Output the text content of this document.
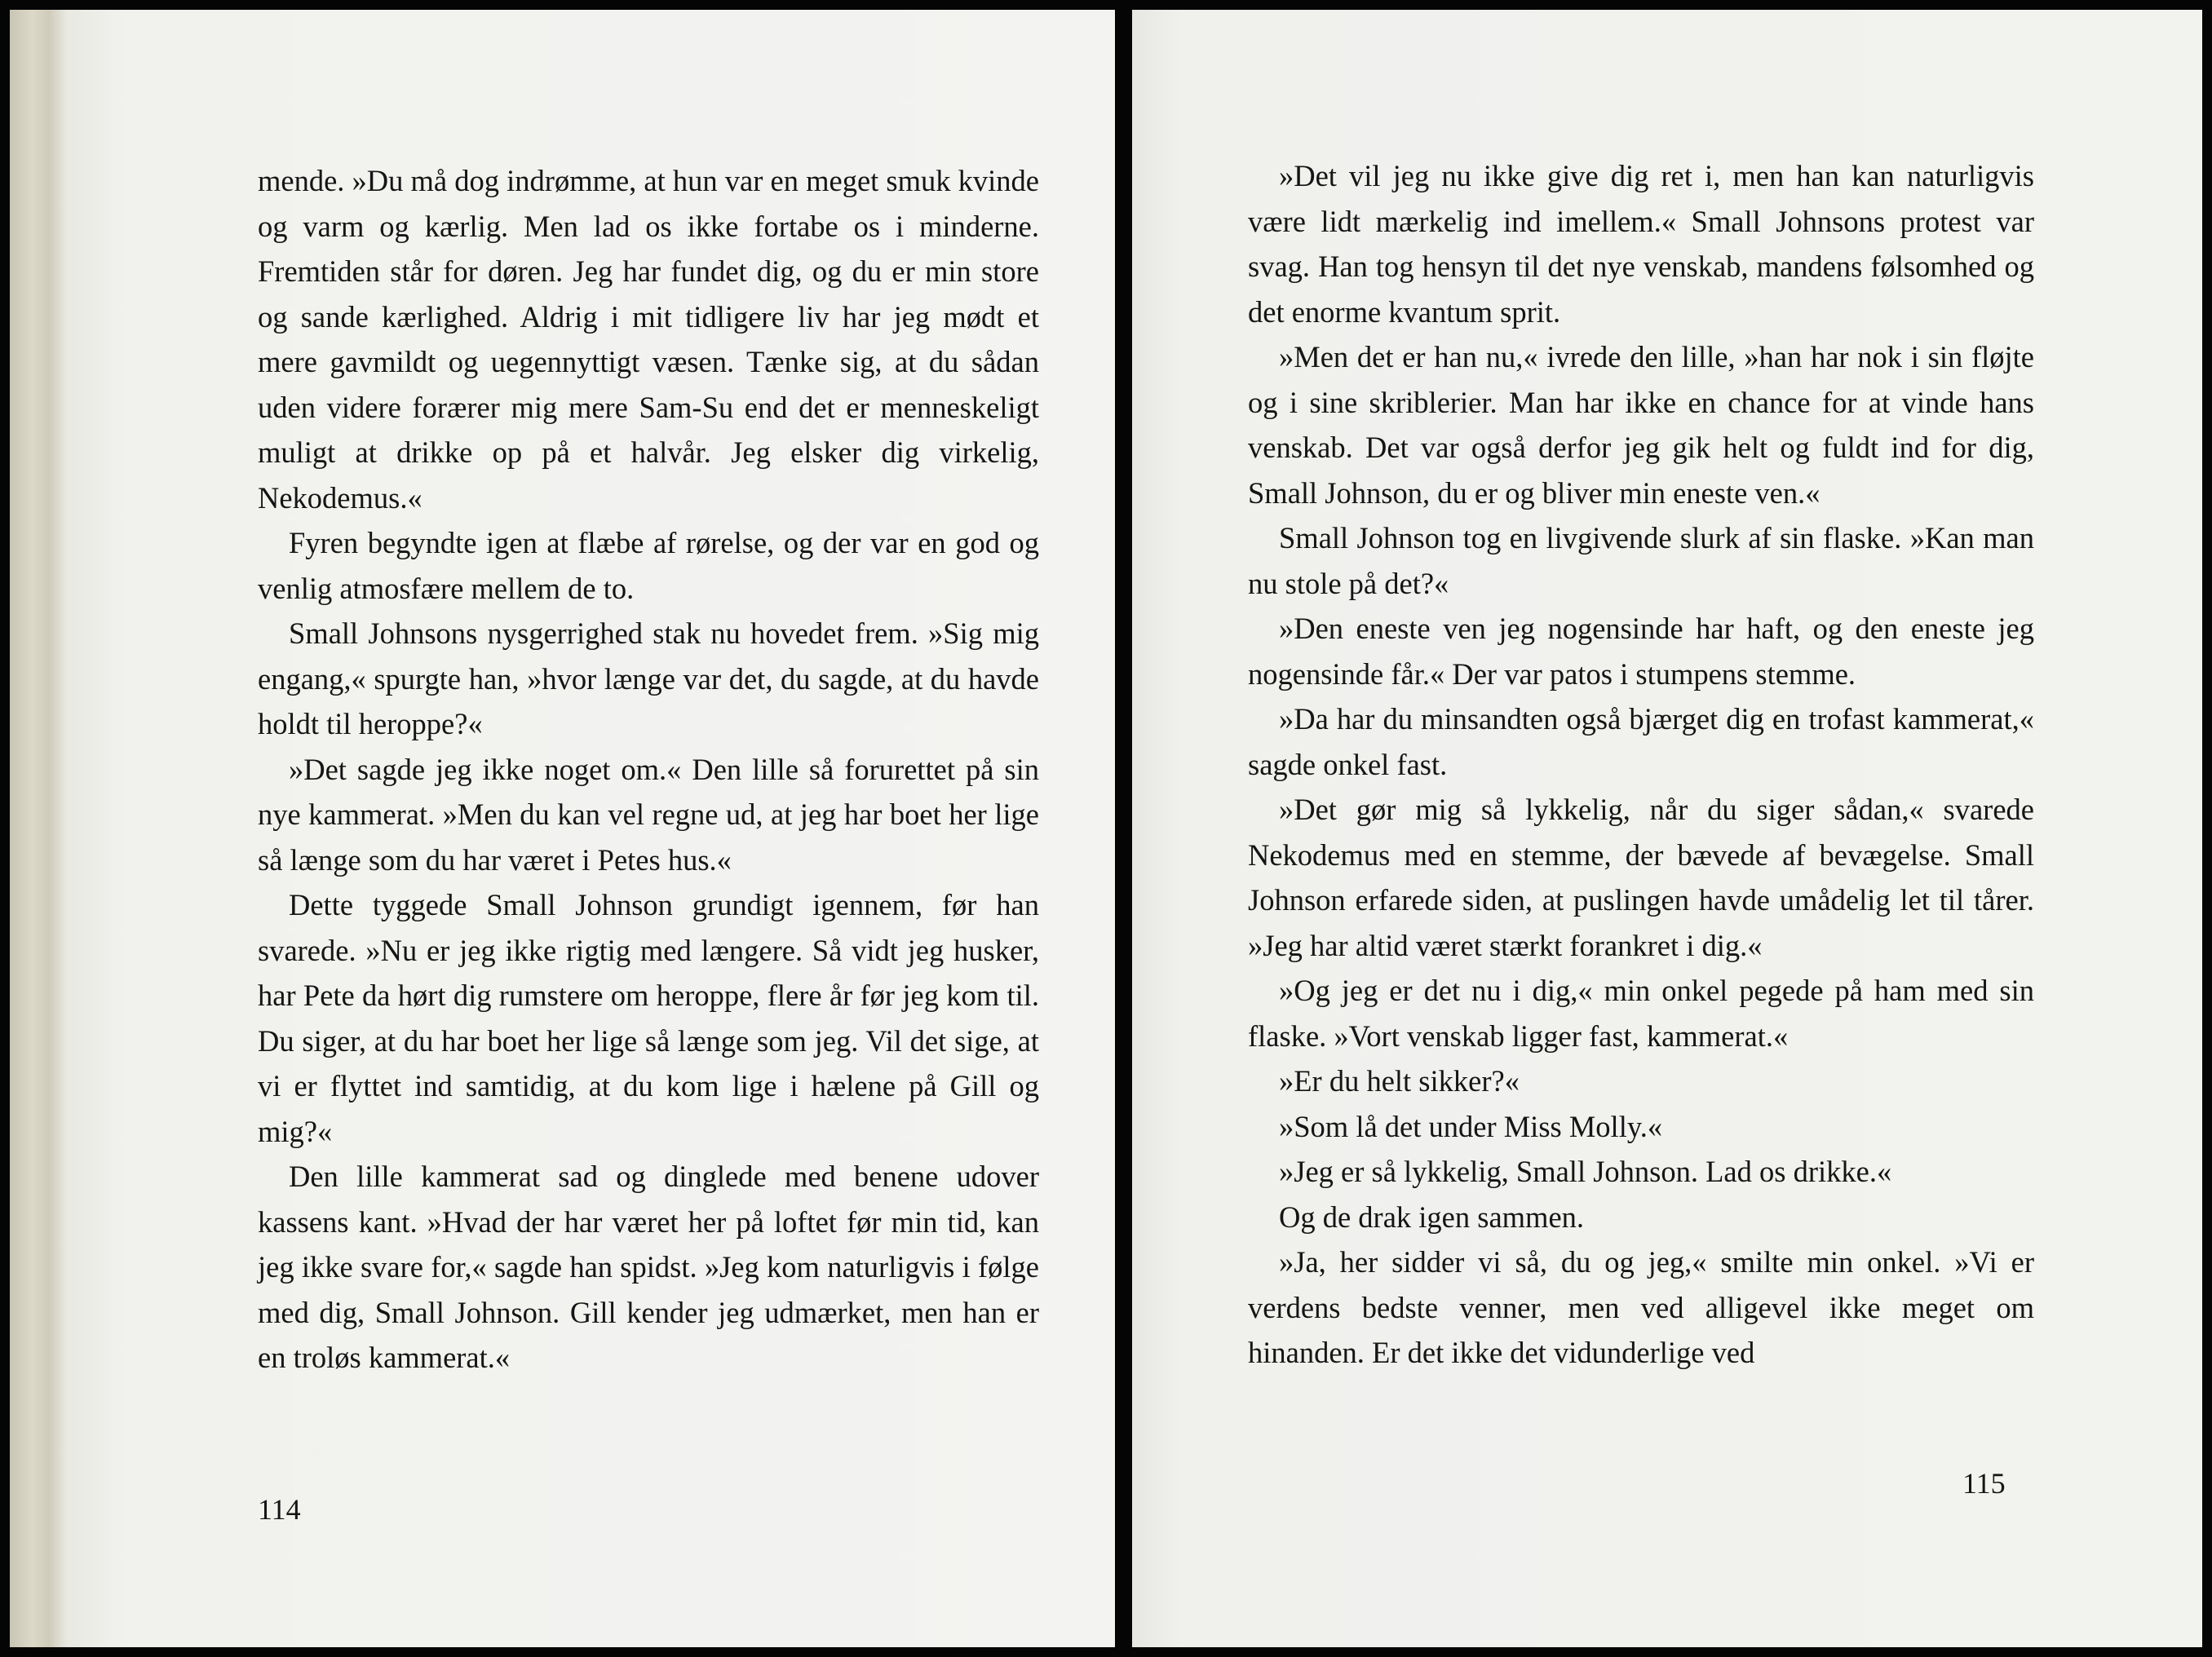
mende. »Du må dog indrømme, at hun var en meget smuk kvinde og varm og kærlig. Men lad os ikke fortabe os i minderne. Fremtiden står for døren. Jeg har fundet dig, og du er min store og sande kærlighed. Aldrig i mit tidligere liv har jeg mødt et mere gavmildt og uegennyttigt væsen. Tænke sig, at du sådan uden videre forærer mig mere Sam-Su end det er menneskeligt muligt at drikke op på et halvår. Jeg elsker dig virkelig, Nekodemus.«

Fyren begyndte igen at flæbe af rørelse, og der var en god og venlig atmosfære mellem de to.

Small Johnsons nysgerrighed stak nu hovedet frem. »Sig mig engang,« spurgte han, »hvor længe var det, du sagde, at du havde holdt til heroppe?«

»Det sagde jeg ikke noget om.« Den lille så forurettet på sin nye kammerat. »Men du kan vel regne ud, at jeg har boet her lige så længe som du har været i Petes hus.«

Dette tyggede Small Johnson grundigt igennem, før han svarede. »Nu er jeg ikke rigtig med længere. Så vidt jeg husker, har Pete da hørt dig rumstere om heroppe, flere år før jeg kom til. Du siger, at du har boet her lige så længe som jeg. Vil det sige, at vi er flyttet ind samtidig, at du kom lige i hælene på Gill og mig?«

Den lille kammerat sad og dinglede med benene udover kassens kant. »Hvad der har været her på loftet før min tid, kan jeg ikke svare for,« sagde han spidst. »Jeg kom naturligvis i følge med dig, Small Johnson. Gill kender jeg udmærket, men han er en troløs kammerat.«

114

»Det vil jeg nu ikke give dig ret i, men han kan naturligvis være lidt mærkelig ind imellem.« Small Johnsons protest var svag. Han tog hensyn til det nye venskab, mandens følsomhed og det enorme kvantum sprit.

»Men det er han nu,« ivrede den lille, »han har nok i sin fløjte og i sine skriblerier. Man har ikke en chance for at vinde hans venskab. Det var også derfor jeg gik helt og fuldt ind for dig, Small Johnson, du er og bliver min eneste ven.«

Small Johnson tog en livgivende slurk af sin flaske. »Kan man nu stole på det?«

»Den eneste ven jeg nogensinde har haft, og den eneste jeg nogensinde får.« Der var patos i stumpens stemme.

»Da har du minsandten også bjærget dig en trofast kammerat,« sagde onkel fast.

»Det gør mig så lykkelig, når du siger sådan,« svarede Nekodemus med en stemme, der bævede af bevægelse. Small Johnson erfarede siden, at puslingen havde umådelig let til tårer. »Jeg har altid været stærkt forankret i dig.«

»Og jeg er det nu i dig,« min onkel pegede på ham med sin flaske. »Vort venskab ligger fast, kammerat.«

»Er du helt sikker?«

»Som lå det under Miss Molly.«

»Jeg er så lykkelig, Small Johnson. Lad os drikke.«

Og de drak igen sammen.

»Ja, her sidder vi så, du og jeg,« smilte min onkel. »Vi er verdens bedste venner, men ved alligevel ikke meget om hinanden. Er det ikke det vidunderlige ved

115
